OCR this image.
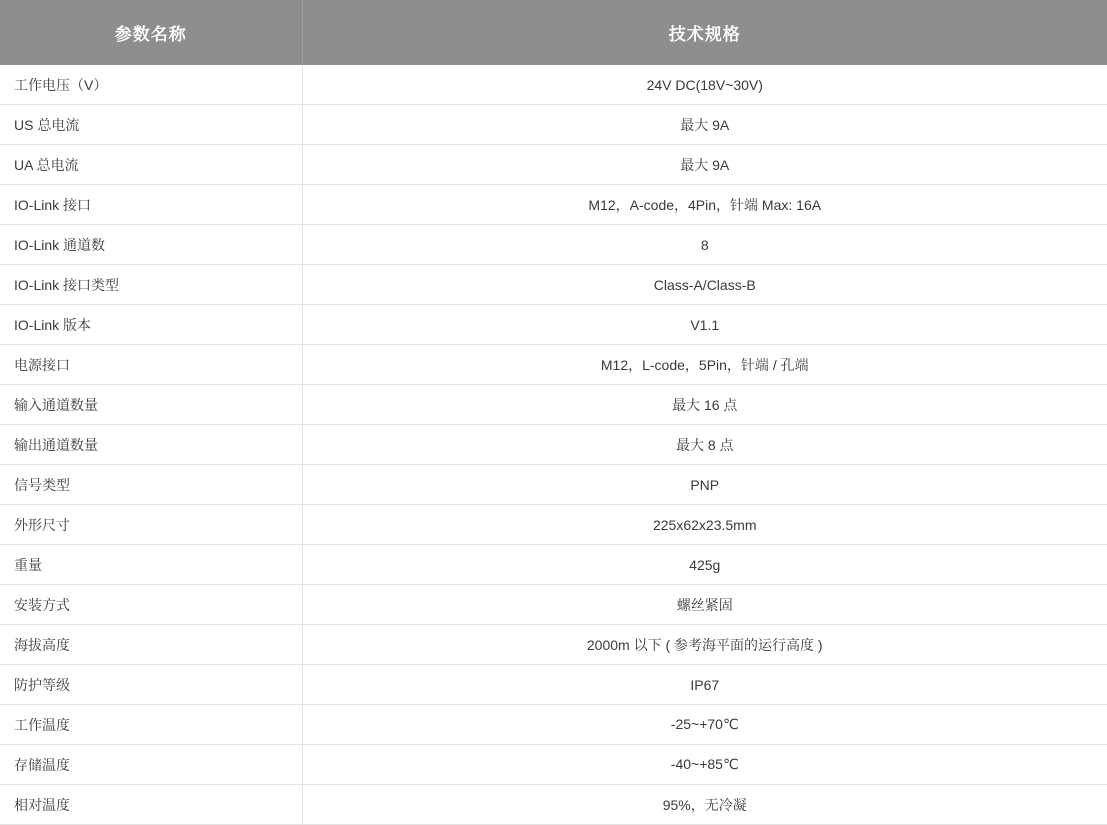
参数名称	技术规格
工作电压（V）	24V DC(18V~30V)
US 总电流	最大 9A
UA 总电流	最大 9A
IO-Link 接口	M12，A-code，4Pin，针端 Max: 16A
IO-Link 通道数	8
IO-Link 接口类型	Class-A/Class-B
IO-Link 版本	V1.1
电源接口	M12，L-code，5Pin，针端 / 孔端
输入通道数量	最大 16 点
输出通道数量	最大 8 点
信号类型	PNP
外形尺寸	225x62x23.5mm
重量	425g
安装方式	螺丝紧固
海拔高度	2000m 以下 ( 参考海平面的运行高度 )
防护等级	IP67
工作温度	-25~+70℃
存储温度	-40~+85℃
相对温度	95%，无冷凝
